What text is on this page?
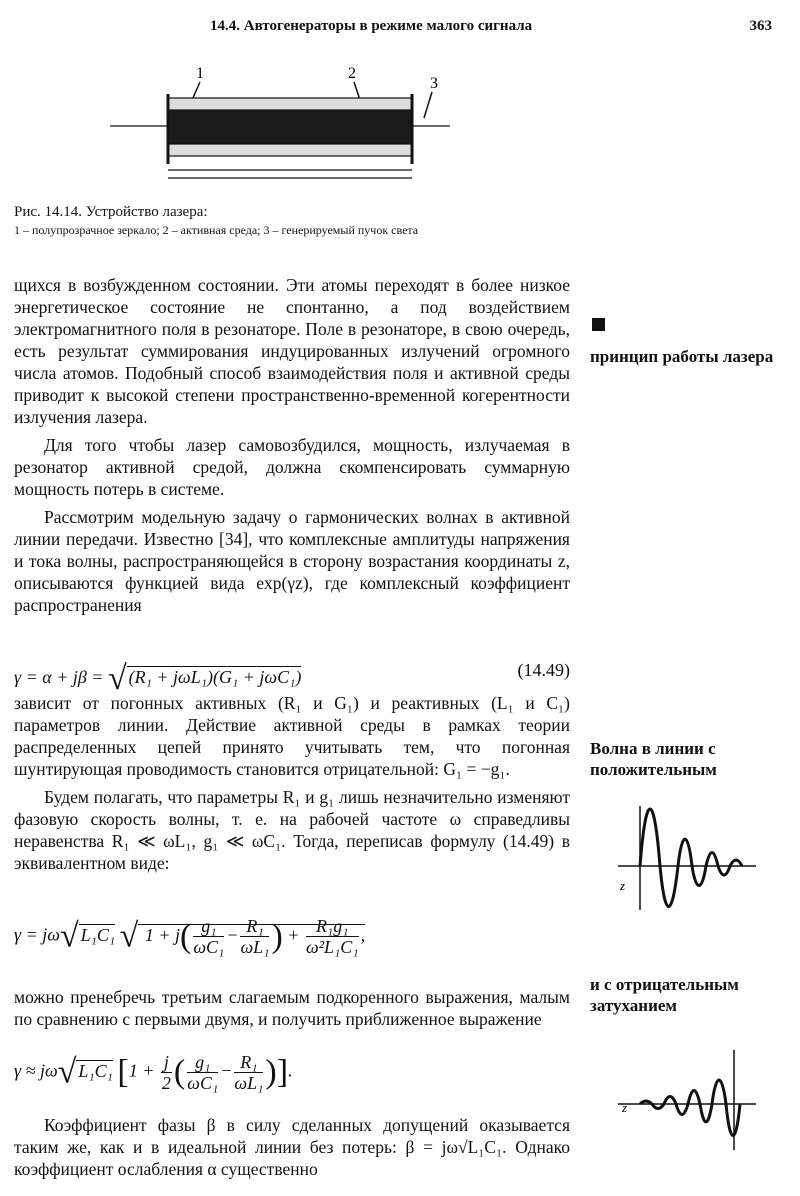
14.4. Автогенераторы в режиме малого сигнала	363
1	2
3
Рис. 14.14. Устройство лазера:
1 – полупрозрачное зеркало; 2 – активная среда; 3 – генерируемый пучок света

щихся в возбужденном состоянии. Эти атомы переходят в более низкое энергетическое состояние не спонтанно, а под воздействием электромагнитного поля в резонаторе. Поле в резонаторе, в свою очередь, есть результат суммирования индуцированных излучений огромного числа атомов. Подобный способ взаимодействия поля и активной среды приводит к высокой степени пространственно-временной когерентности излучения лазера.

Для того чтобы лазер самовозбудился, мощность, излучаемая в резонатор активной средой, должна скомпенсировать суммарную мощность потерь в системе.

Рассмотрим модельную задачу о гармонических волнах в активной линии передачи. Известно [34], что комплексные амплитуды напряжения и тока волны, распространяющейся в сторону возрастания координаты z, описываются функцией вида exp(γz), где комплексный коэффициент распространения

γ = α + jβ = √ (R₁ + jωL₁)(G₁ + jωC₁)	(14.49)

зависит от погонных активных (R₁ и G₁) и реактивных (L₁ и C₁) параметров линии. Действие активной среды в рамках теории распределенных цепей принято учитывать тем, что погонная шунтирующая проводимость становится отрицательной: G₁ = −g₁.

Будем полагать, что параметры R₁ и g₁ лишь незначительно изменяют фазовую скорость волны, т. е. на рабочей частоте ω справедливы неравенства R₁ ≪ ωL₁, g₁ ≪ ωC₁. Тогда, переписав формулу (14.49) в эквивалентном виде:

γ = jω√ L₁C₁ √ $1 + j( \frac{\text{g₁}}{\text{ωC₁}} - \frac{\text{R₁}}{\text{ωL₁}}$ ) + $\frac{\text{R₁g₁}}{\text{ω²L₁C₁}}$ ,

можно пренебречь третьим слагаемым подкоренного выражения, малым по сравнению с первыми двумя, и получить приближенное выражение

γ ≈ jω√ L₁C₁ [$1 + \frac{j}{2}$ ( $\frac{\text{g₁}}{\text{ωC₁}} - \frac{\text{R₁}}{\text{ωL₁}}$ )].

Коэффициент фазы β в силу сделанных допущений оказывается таким же, как и в идеальной линии без потерь: β = jω√L₁C₁. Однако коэффициент ослабления α существенно

принцип работы лазера
Волна в линии с положительным
z
и с отрицательным затуханием
z
